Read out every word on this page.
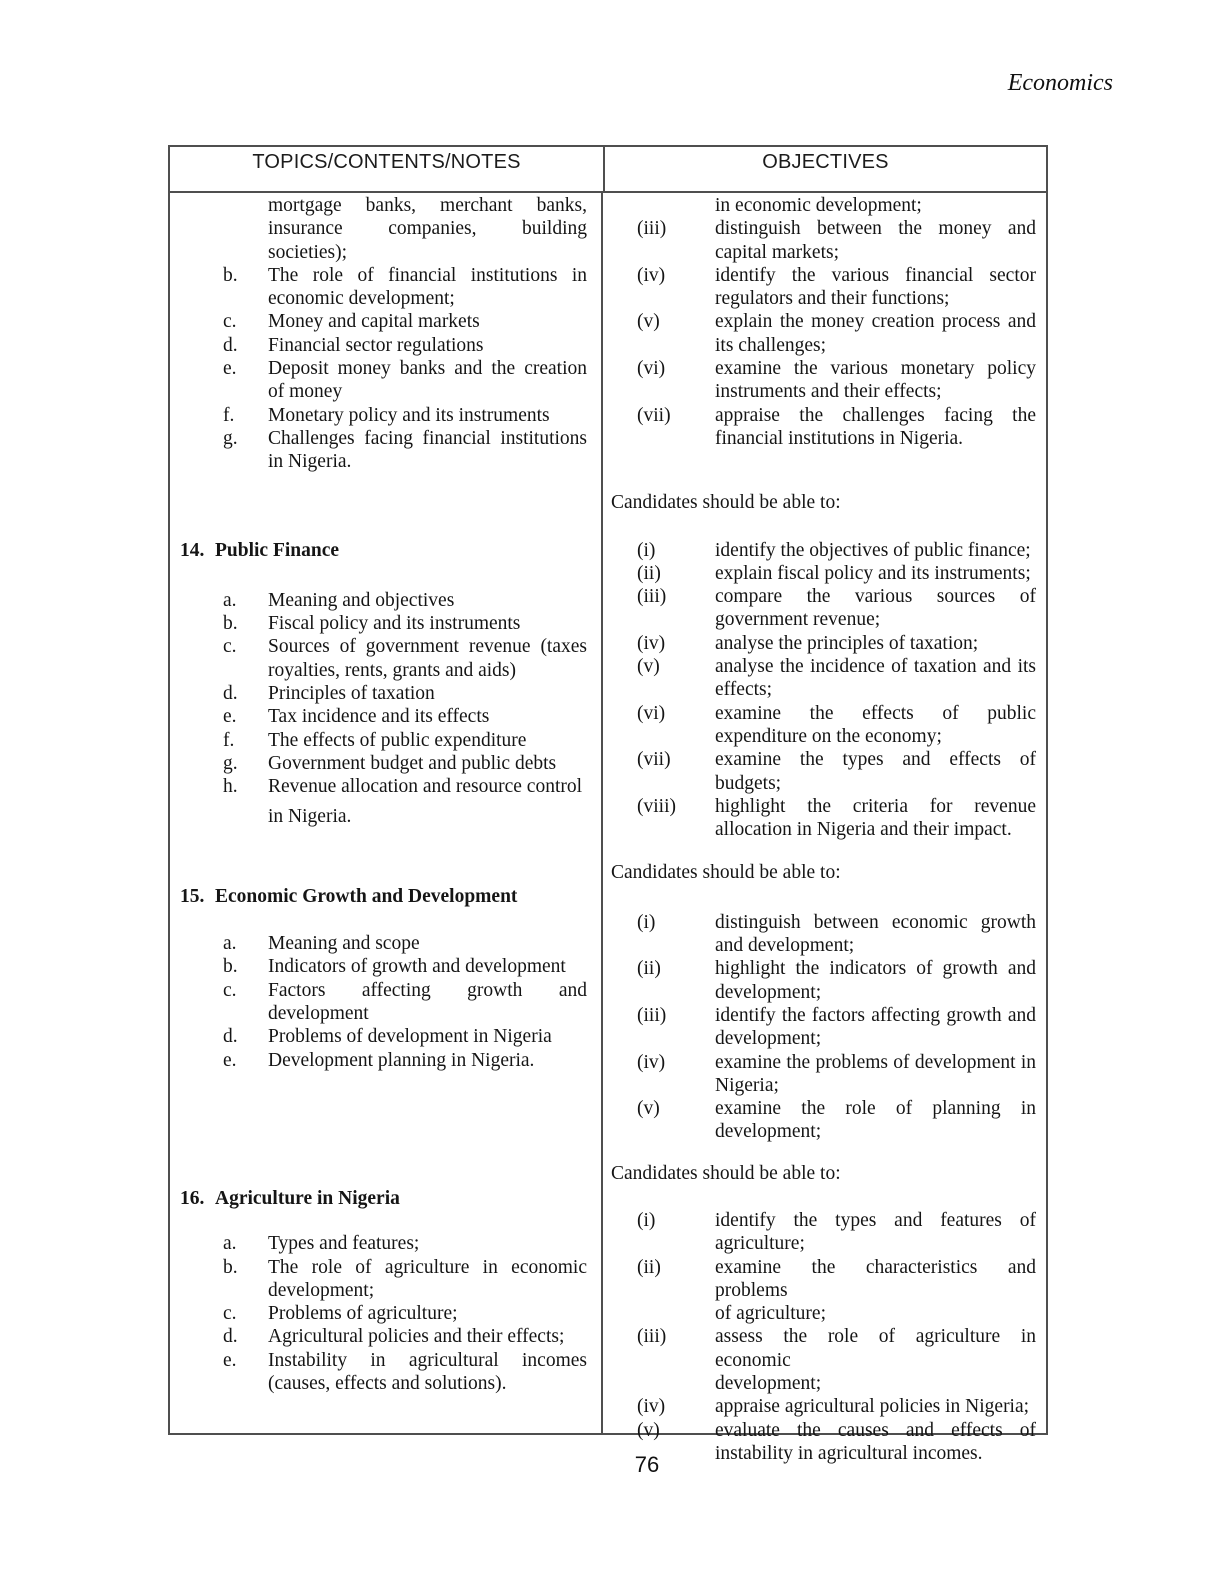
Economics
TOPICS/CONTENTS/NOTES	OBJECTIVES
mortgage banks, merchant banks,
insurance companies, building
societies);
b.	The role of financial institutions in
economic development;
c.	Money and capital markets
d.	Financial sector regulations
e.	Deposit money banks and the creation
of money
f.	Monetary policy and its instruments
g.	Challenges facing financial institutions
in Nigeria.
14. Public Finance
a.	Meaning and objectives
b.	Fiscal policy and its instruments
c.	Sources of government revenue (taxes
royalties, rents, grants and aids)
d.	Principles of taxation
e.	Tax incidence and its effects
f.	The effects of public expenditure
g.	Government budget and public debts
h.	Revenue allocation and resource control
in Nigeria.
15. Economic Growth and Development
a.	Meaning and scope
b.	Indicators of growth and development
c.	Factors affecting growth and
development
d.	Problems of development in Nigeria
e.	Development planning in Nigeria.
16. Agriculture in Nigeria
a.	Types and features;
b.	The role of agriculture in economic
development;
c.	Problems of agriculture;
d.	Agricultural policies and their effects;
e.	Instability in agricultural incomes
(causes, effects and solutions).
in economic development;
(iii)	distinguish between the money and
capital markets;
(iv)	identify the various financial sector
regulators and their functions;
(v)	explain the money creation process and
its challenges;
(vi)	examine the various monetary policy
instruments and their effects;
(vii)	appraise the challenges facing the
financial institutions in Nigeria.
Candidates should be able to:
(i)	identify the objectives of public finance;
(ii)	explain fiscal policy and its instruments;
(iii)	compare the various sources of
government revenue;
(iv)	analyse the principles of taxation;
(v)	analyse the incidence of taxation and its
effects;
(vi)	examine the effects of public
expenditure on the economy;
(vii)	examine the types and effects of
budgets;
(viii)	highlight the criteria for revenue
allocation in Nigeria and their impact.
Candidates should be able to:
(i)	distinguish between economic growth
and development;
(ii)	highlight the indicators of growth and
development;
(iii)	identify the factors affecting growth and
development;
(iv)	examine the problems of development in
Nigeria;
(v)	examine the role of planning in
development;
Candidates should be able to:
(i)	identify the types and features of
agriculture;
(ii)	examine the characteristics and problems
of agriculture;
(iii)	assess the role of agriculture in economic
development;
(iv)	appraise agricultural policies in Nigeria;
(v)	evaluate the causes and effects of
instability in agricultural incomes.
76
